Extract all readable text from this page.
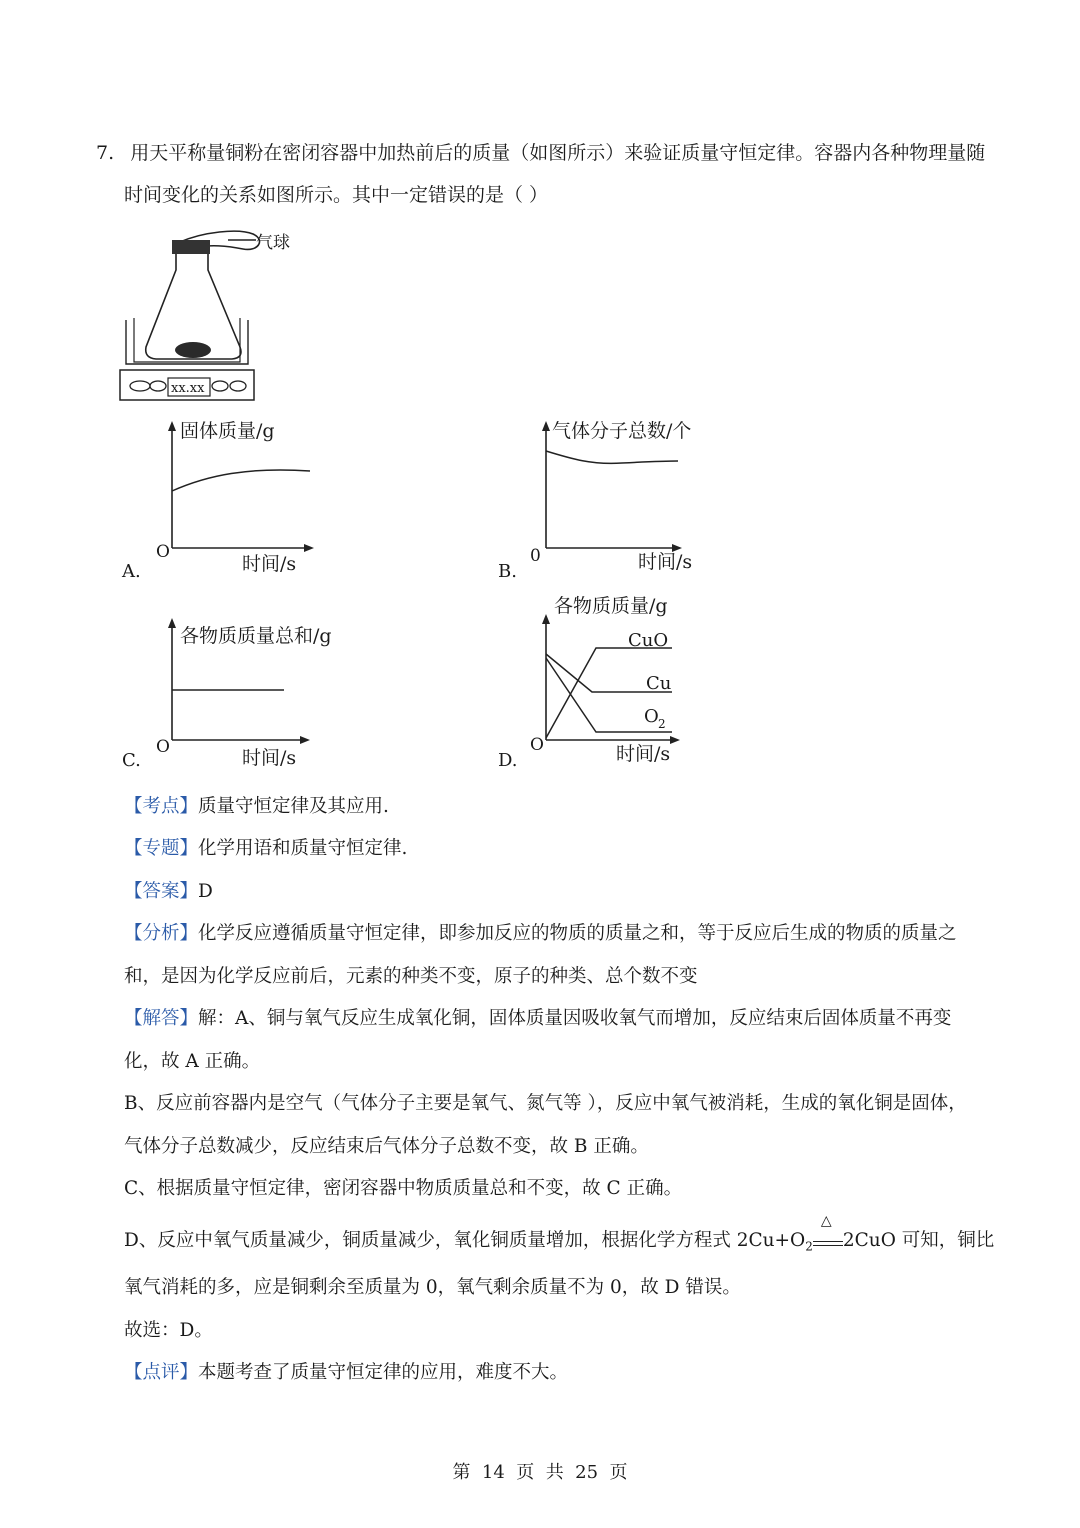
7. 用天平称量铜粉在密闭容器中加热前后的质量（如图所示）来验证质量守恒定律。容器内各种物理量随
时间变化的关系如图所示。其中一定错误的是（ ）
气球
xx.xx
A.
固体质量/g
O
时间/s	B.
气体分子总数/个
0	时间/s
C.
各物质质量总和/g
O	时间/s	D.
各物质质量/g
O	时间/s
CuO
Cu
O 2
【考点】质量守恒定律及其应用.
【专题】化学用语和质量守恒定律.
【答案】D
【分析】化学反应遵循质量守恒定律，即参加反应的物质的质量之和，等于反应后生成的物质的质量之
和，是因为化学反应前后，元素的种类不变，原子的种类、总个数不变
【解答】解：A、铜与氧气反应生成氧化铜，固体质量因吸收氧气而增加，反应结束后固体质量不再变
化，故 A 正确。
B、反应前容器内是空气（气体分子主要是氧气、氮气等 ），反应中氧气被消耗，生成的氧化铜是固体，
气体分子总数减少，反应结束后气体分子总数不变，故 B 正确。
C、根据质量守恒定律，密闭容器中物质质量总和不变，故 C 正确。
D、反应中氧气质量减少，铜质量减少，氧化铜质量增加，根据化学方程式 $2Cu+O_2$
△
2CuO 可知，铜比
氧气消耗的多，应是铜剩余至质量为 0，氧气剩余质量不为 0，故 D 错误。
故选：D。
【点评】本题考查了质量守恒定律的应用，难度不大。
第  14  页  共  25  页
